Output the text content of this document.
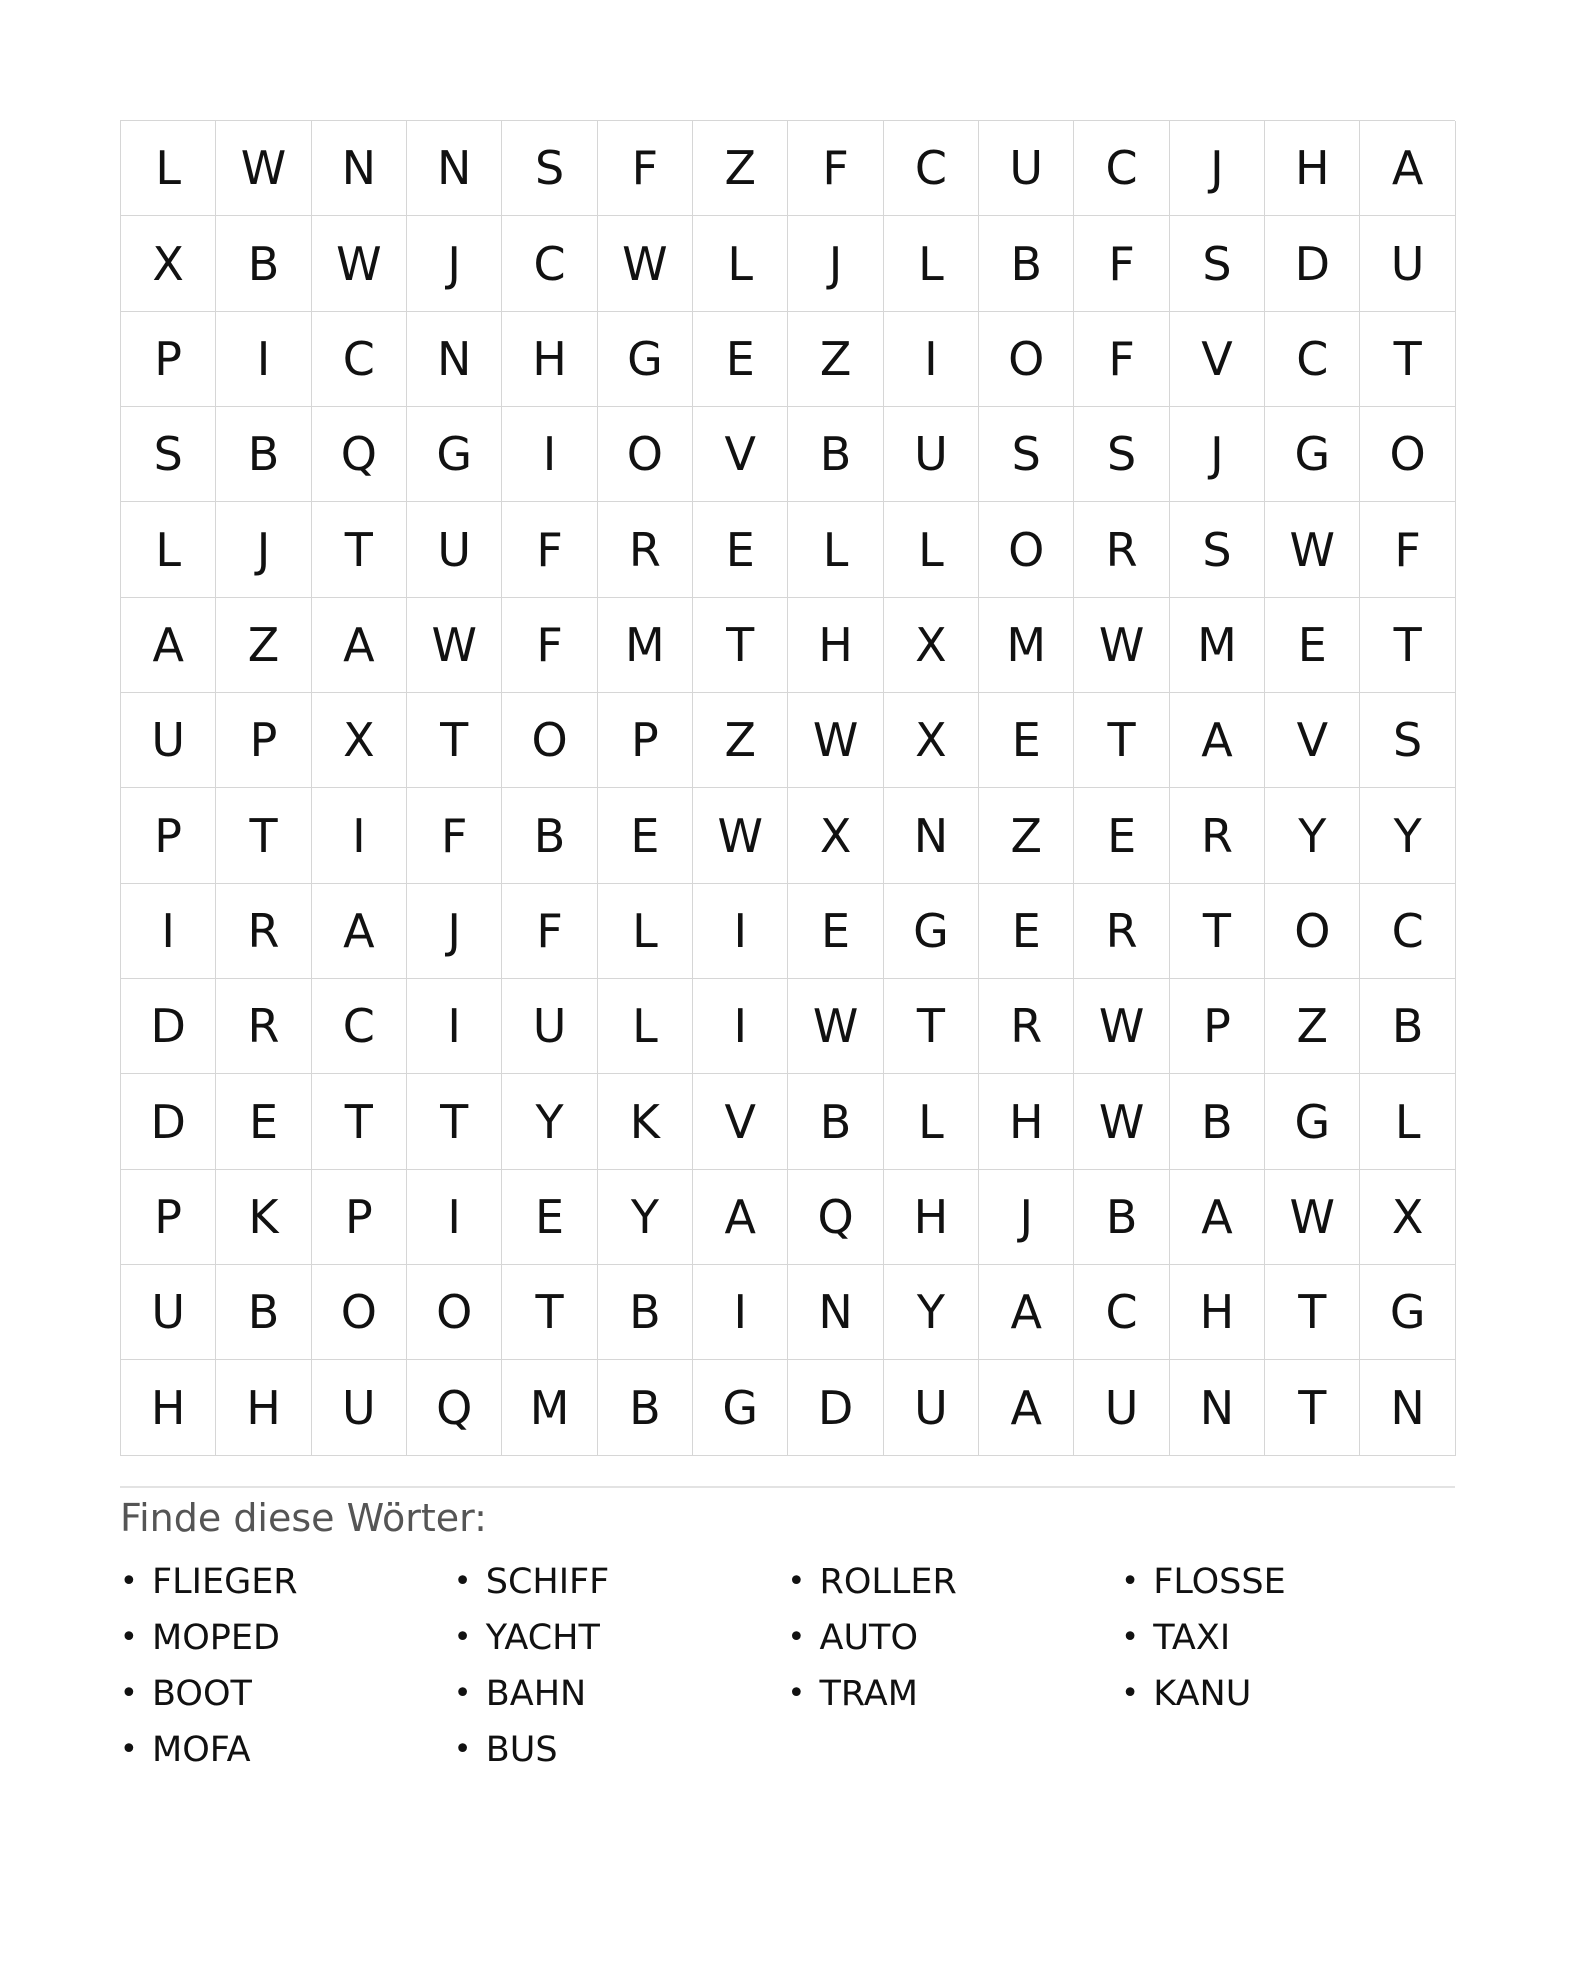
L	W	N	N	S	F	Z	F	C	U	C	J	H	A
X	B	W	J	C	W	L	J	L	B	F	S	D	U
P	I	C	N	H	G	E	Z	I	O	F	V	C	T
S	B	Q	G	I	O	V	B	U	S	S	J	G	O
L	J	T	U	F	R	E	L	L	O	R	S	W	F
A	Z	A	W	F	M	T	H	X	M	W	M	E	T
U	P	X	T	O	P	Z	W	X	E	T	A	V	S
P	T	I	F	B	E	W	X	N	Z	E	R	Y	Y
I	R	A	J	F	L	I	E	G	E	R	T	O	C
D	R	C	I	U	L	I	W	T	R	W	P	Z	B
D	E	T	T	Y	K	V	B	L	H	W	B	G	L
P	K	P	I	E	Y	A	Q	H	J	B	A	W	X
U	B	O	O	T	B	I	N	Y	A	C	H	T	G
H	H	U	Q	M	B	G	D	U	A	U	N	T	N
Finde diese Wörter:
• FLIEGER	• SCHIFF	• ROLLER	• FLOSSE
• MOPED	• YACHT	• AUTO	• TAXI
• BOOT	• BAHN	• TRAM	• KANU
• MOFA	• BUS
